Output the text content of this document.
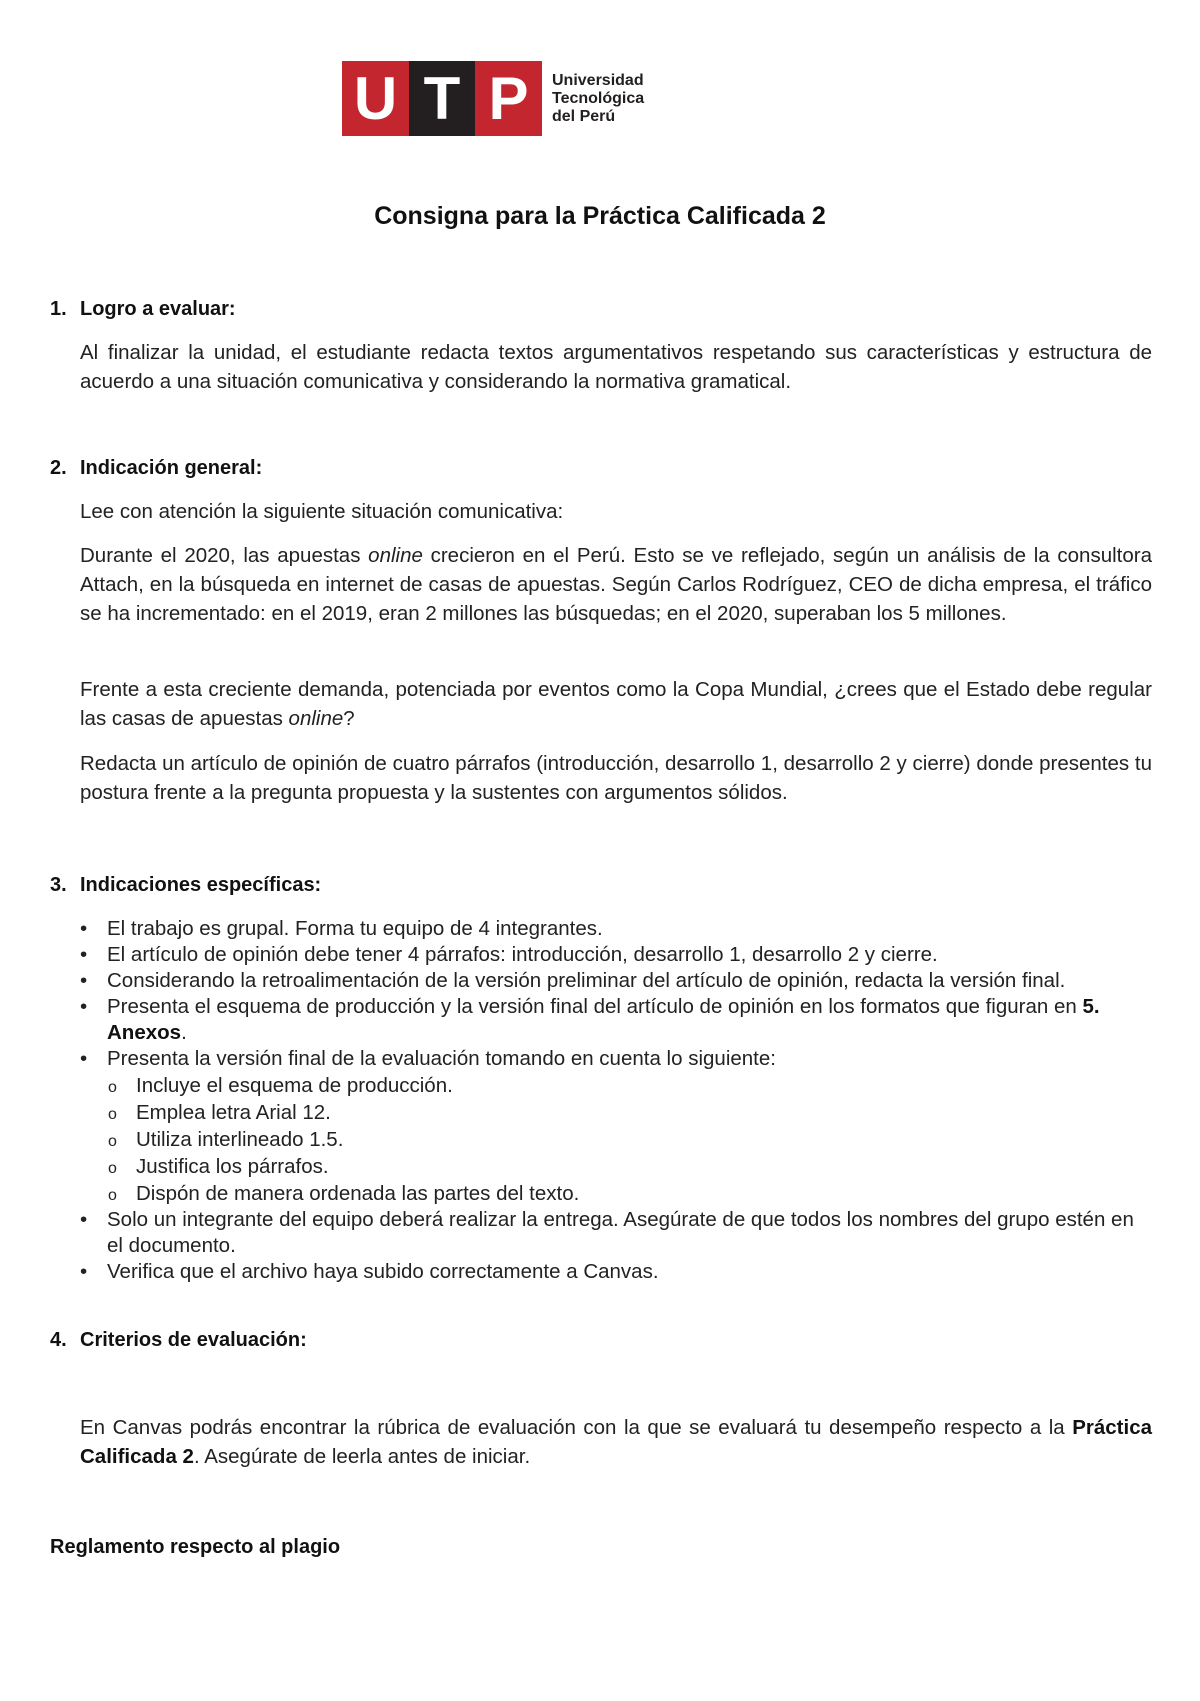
U T P	Universidad
Tecnológica
del Perú
Consigna para la Práctica Calificada 2
1. Logro a evaluar:
Al finalizar la unidad, el estudiante redacta textos argumentativos respetando sus características y estructura de acuerdo a una situación comunicativa y considerando la normativa gramatical.
2. Indicación general:
Lee con atención la siguiente situación comunicativa:
Durante el 2020, las apuestas online crecieron en el Perú. Esto se ve reflejado, según un análisis de la consultora Attach, en la búsqueda en internet de casas de apuestas. Según Carlos Rodríguez, CEO de dicha empresa, el tráfico se ha incrementado: en el 2019, eran 2 millones las búsquedas; en el 2020, superaban los 5 millones.
Frente a esta creciente demanda, potenciada por eventos como la Copa Mundial, ¿crees que el Estado debe regular las casas de apuestas online?
Redacta un artículo de opinión de cuatro párrafos (introducción, desarrollo 1, desarrollo 2 y cierre) donde presentes tu postura frente a la pregunta propuesta y la sustentes con argumentos sólidos.
3. Indicaciones específicas:
• El trabajo es grupal. Forma tu equipo de 4 integrantes.
• El artículo de opinión debe tener 4 párrafos: introducción, desarrollo 1, desarrollo 2 y cierre.
• Considerando la retroalimentación de la versión preliminar del artículo de opinión, redacta la versión final.
• Presenta el esquema de producción y la versión final del artículo de opinión en los formatos que figuran en 5. Anexos.
• Presenta la versión final de la evaluación tomando en cuenta lo siguiente:
o Incluye el esquema de producción.
o Emplea letra Arial 12.
o Utiliza interlineado 1.5.
o Justifica los párrafos.
o Dispón de manera ordenada las partes del texto.
• Solo un integrante del equipo deberá realizar la entrega. Asegúrate de que todos los nombres del grupo estén en el documento.
• Verifica que el archivo haya subido correctamente a Canvas.
4. Criterios de evaluación:
En Canvas podrás encontrar la rúbrica de evaluación con la que se evaluará tu desempeño respecto a la Práctica Calificada 2. Asegúrate de leerla antes de iniciar.
Reglamento respecto al plagio
